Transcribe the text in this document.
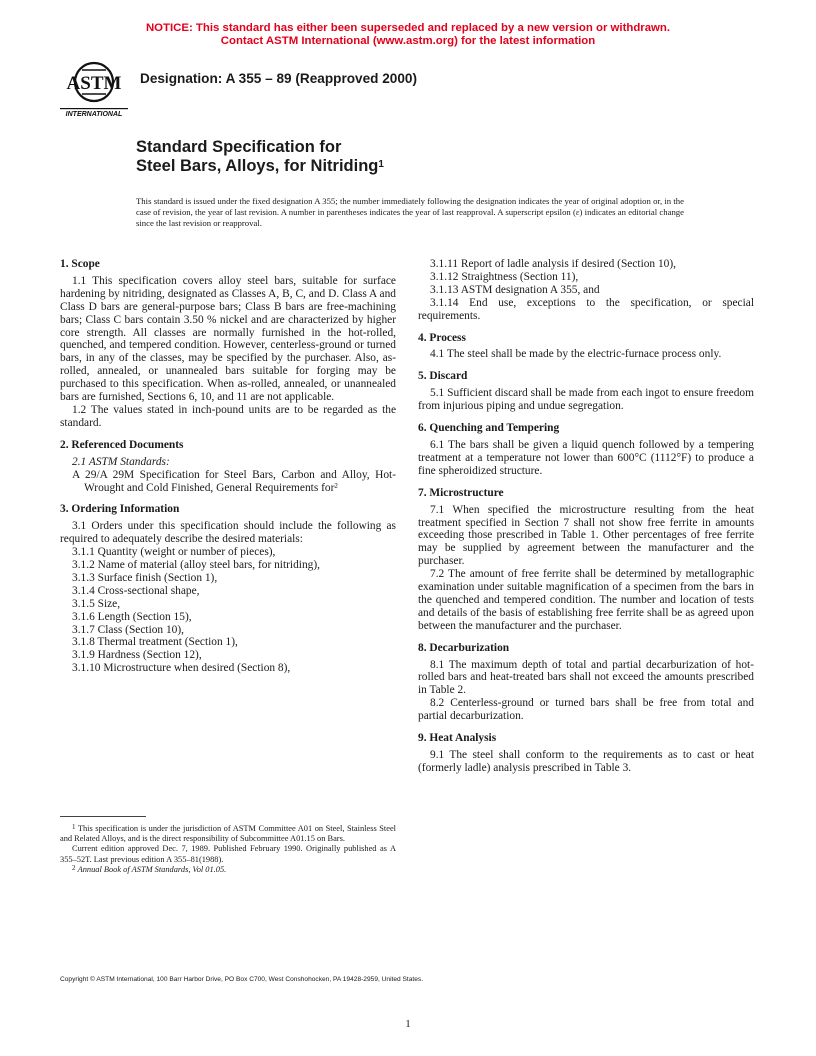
NOTICE: This standard has either been superseded and replaced by a new version or withdrawn.
Contact ASTM International (www.astm.org) for the latest information
ASTM
INTERNATIONAL
Designation: A 355 – 89 (Reapproved 2000)
Standard Specification for
Steel Bars, Alloys, for Nitriding$^1$
This standard is issued under the fixed designation A 355; the number immediately following the designation indicates the year of original adoption or, in the case of revision, the year of last revision. A number in parentheses indicates the year of last reapproval. A superscript epsilon (ε) indicates an editorial change since the last revision or reapproval.
1. Scope

1.1 This specification covers alloy steel bars, suitable for surface hardening by nitriding, designated as Classes A, B, C, and D. Class A and Class D bars are general-purpose bars; Class B bars are free-machining bars; Class C bars contain 3.50 % nickel and are characterized by higher core strength. All classes are normally furnished in the hot-rolled, quenched, and tempered condition. However, centerless-ground or turned bars, in any of the classes, may be specified by the purchaser. Also, as-rolled, annealed, or unannealed bars suitable for forging may be purchased to this specification. When as-rolled, annealed, or unannealed bars are furnished, Sections 6, 10, and 11 are not applicable.

1.2 The values stated in inch-pound units are to be regarded as the standard.

2. Referenced Documents

2.1 ASTM Standards:

A 29/A 29M Specification for Steel Bars, Carbon and Alloy, Hot-Wrought and Cold Finished, General Requirements for$^2$

3. Ordering Information

3.1 Orders under this specification should include the following as required to adequately describe the desired materials:

3.1.1 Quantity (weight or number of pieces),

3.1.2 Name of material (alloy steel bars, for nitriding),

3.1.3 Surface finish (Section 1),

3.1.4 Cross-sectional shape,

3.1.5 Size,

3.1.6 Length (Section 15),

3.1.7 Class (Section 10),

3.1.8 Thermal treatment (Section 1),

3.1.9 Hardness (Section 12),

3.1.10 Microstructure when desired (Section 8),

$^1$ This specification is under the jurisdiction of ASTM Committee A01 on Steel, Stainless Steel and Related Alloys, and is the direct responsibility of Subcommittee A01.15 on Bars.

Current edition approved Dec. 7, 1989. Published February 1990. Originally published as A 355–52T. Last previous edition A 355–81(1988).

$^2$ Annual Book of ASTM Standards, Vol 01.05.

3.1.11 Report of ladle analysis if desired (Section 10),

3.1.12 Straightness (Section 11),

3.1.13 ASTM designation A 355, and

3.1.14 End use, exceptions to the specification, or special requirements.

4. Process

4.1 The steel shall be made by the electric-furnace process only.

5. Discard

5.1 Sufficient discard shall be made from each ingot to ensure freedom from injurious piping and undue segregation.

6. Quenching and Tempering

6.1 The bars shall be given a liquid quench followed by a tempering treatment at a temperature not lower than 600°C (1112°F) to produce a fine spheroidized structure.

7. Microstructure

7.1 When specified the microstructure resulting from the heat treatment specified in Section 7 shall not show free ferrite in amounts exceeding those prescribed in Table 1. Other percentages of free ferrite may be supplied by agreement between the manufacturer and the purchaser.

7.2 The amount of free ferrite shall be determined by metallographic examination under suitable magnification of a specimen from the bars in the quenched and tempered condition. The number and location of tests and details of the basis of establishing free ferrite shall be as agreed upon between the manufacturer and the purchaser.

8. Decarburization

8.1 The maximum depth of total and partial decarburization of hot-rolled bars and heat-treated bars shall not exceed the amounts prescribed in Table 2.

8.2 Centerless-ground or turned bars shall be free from total and partial decarburization.

9. Heat Analysis

9.1 The steel shall conform to the requirements as to cast or heat (formerly ladle) analysis prescribed in Table 3.

Copyright © ASTM International, 100 Barr Harbor Drive, PO Box C700, West Conshohocken, PA 19428-2959, United States.
1
